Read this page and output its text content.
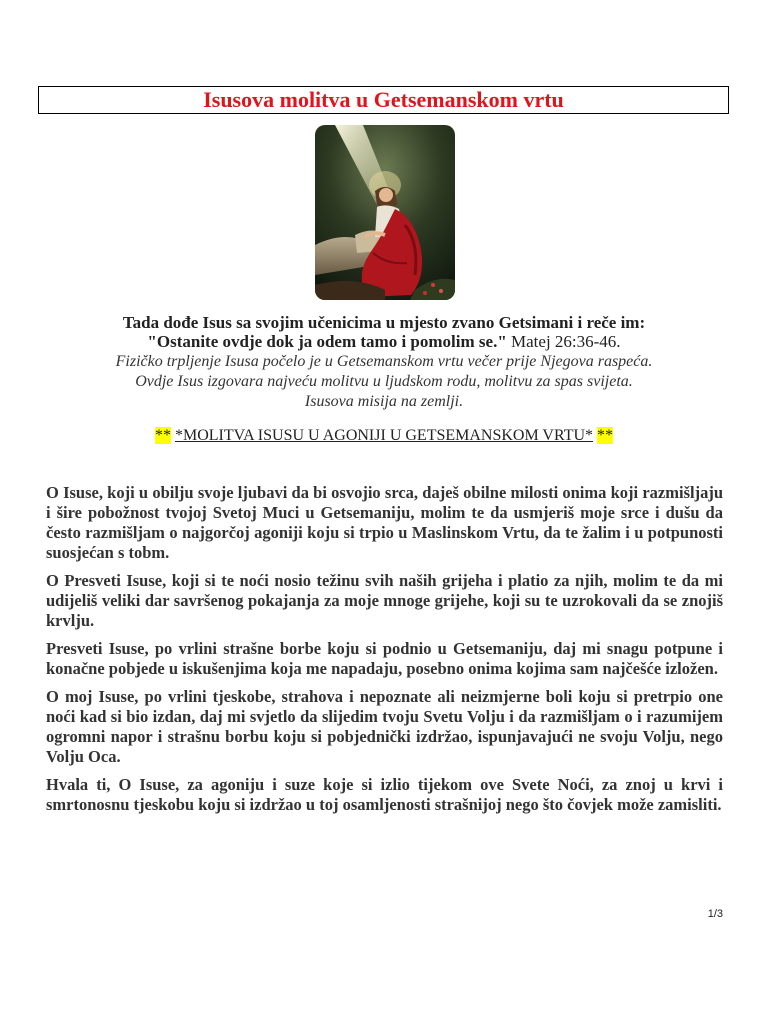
Isusova molitva u Getsemanskom vrtu
Tada dođe Isus sa svojim učenicima u mjesto zvano Getsimani i reče im:
"Ostanite ovdje dok ja odem tamo i pomolim se." Matej 26:36-46.
Fizičko trpljenje Isusa počelo je u Getsemanskom vrtu večer prije Njegova raspeća.
Ovdje Isus izgovara najveću molitvu u ljudskom rodu, molitvu za spas svijeta.
Isusova misija na zemlji.
** *MOLITVA ISUSU U AGONIJI U GETSEMANSKOM VRTU* **

O Isuse, koji u obilju svoje ljubavi da bi osvojio srca, daješ obilne milosti onima koji razmišljaju i šire pobožnost tvojoj Svetoj Muci u Getsemaniju, molim te da usmjeriš moje srce i dušu da često razmišljam o najgorčoj agoniji koju si trpio u Maslinskom Vrtu, da te žalim i u potpunosti suosjećan s tobm.

O Presveti Isuse, koji si te noći nosio težinu svih naših grijeha i platio za njih, molim te da mi udijeliš veliki dar savršenog pokajanja za moje mnoge grijehe, koji su te uzrokovali da se znojiš krvlju.

Presveti Isuse, po vrlini strašne borbe koju si podnio u Getsemaniju, daj mi snagu potpune i konačne pobjede u iskušenjima koja me napadaju, posebno onima kojima sam najčešće izložen.

O moj Isuse, po vrlini tjeskobe, strahova i nepoznate ali neizmjerne boli koju si pretrpio one noći kad si bio izdan, daj mi svjetlo da slijedim tvoju Svetu Volju i da razmišljam o i razumijem ogromni napor i strašnu borbu koju si pobjednički izdržao, ispunjavajući ne svoju Volju, nego Volju Oca.

Hvala ti, O Isuse, za agoniju i suze koje si izlio tijekom ove Svete Noći, za znoj u krvi i smrtonosnu tjeskobu koju si izdržao u toj osamljenosti strašnijoj nego što čovjek može zamisliti.

1/3
